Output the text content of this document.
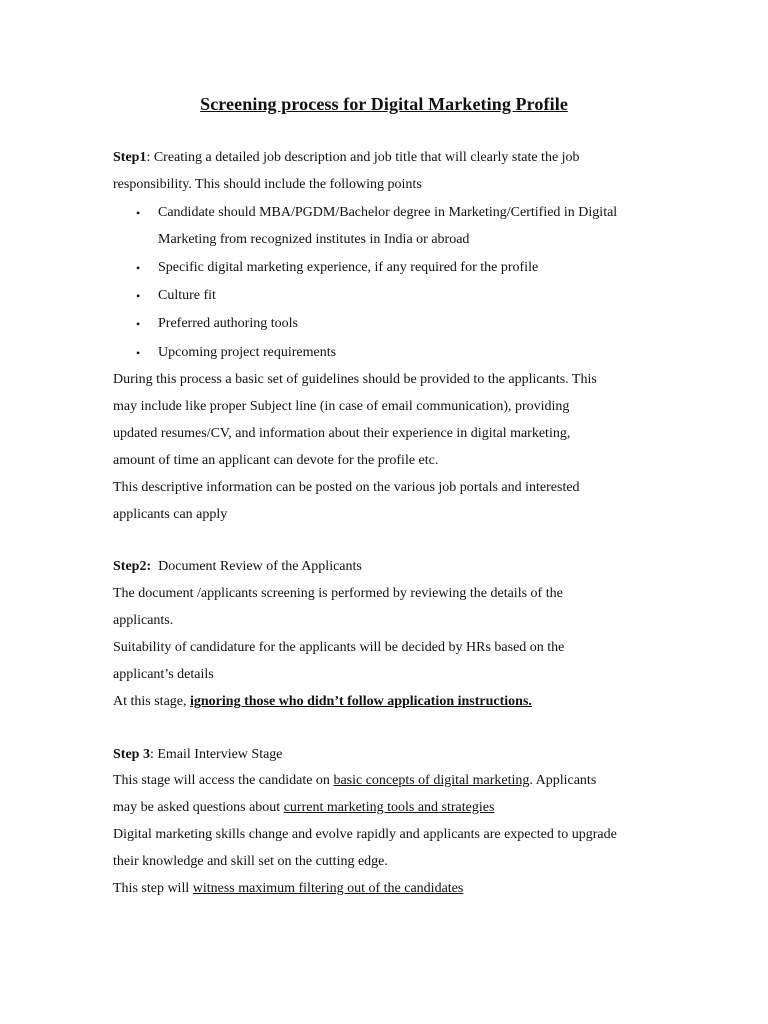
Screening process for Digital Marketing Profile
Step1: Creating a detailed job description and job title that will clearly state the job
responsibility. This should include the following points
• Candidate should MBA/PGDM/Bachelor degree in Marketing/Certified in Digital
Marketing from recognized institutes in India or abroad
• Specific digital marketing experience, if any required for the profile
• Culture fit
• Preferred authoring tools
• Upcoming project requirements
During this process a basic set of guidelines should be provided to the applicants. This
may include like proper Subject line (in case of email communication), providing
updated resumes/CV, and information about their experience in digital marketing,
amount of time an applicant can devote for the profile etc.
This descriptive information can be posted on the various job portals and interested
applicants can apply
Step2:  Document Review of the Applicants
The document /applicants screening is performed by reviewing the details of the
applicants.
Suitability of candidature for the applicants will be decided by HRs based on the
applicant’s details
At this stage, ignoring those who didn’t follow application instructions.
Step 3: Email Interview Stage
This stage will access the candidate on basic concepts of digital marketing. Applicants
may be asked questions about current marketing tools and strategies
Digital marketing skills change and evolve rapidly and applicants are expected to upgrade
their knowledge and skill set on the cutting edge.
This step will witness maximum filtering out of the candidates
